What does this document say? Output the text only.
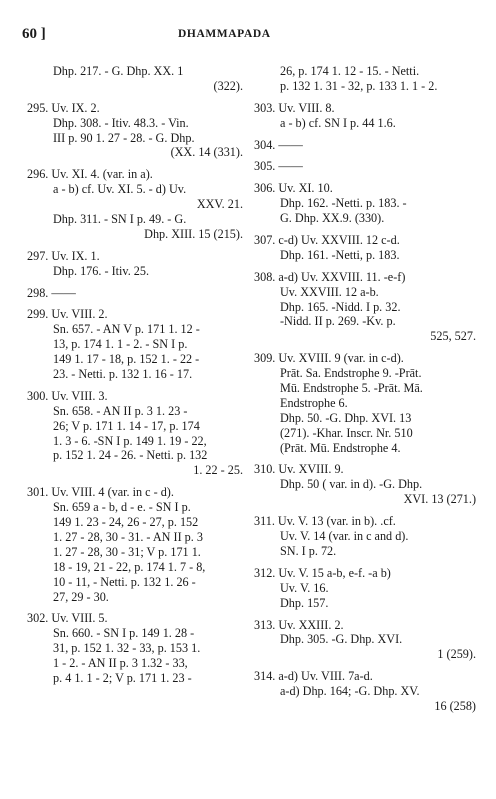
60 ]	DHAMMAPADA
Dhp. 217. - G. Dhp. XX. 1
(322).
295. Uv. IX. 2.
Dhp. 308. - Itiv. 48.3. - Vin.
III p. 90 1. 27 - 28. - G. Dhp.
(XX. 14 (331).
296. Uv. XI. 4. (var. in a).
a - b) cf. Uv. XI. 5. - d) Uv.
XXV. 21.
Dhp. 311. - SN I p. 49. - G.
Dhp. XIII. 15 (215).
297. Uv. IX. 1.
Dhp. 176. - Itiv. 25.
298. ——
299. Uv. VIII. 2.
Sn. 657. - AN V p. 171 1. 12 -
13, p. 174 1. 1 - 2. - SN I p.
149 1. 17 - 18, p. 152 1. - 22 -
23. - Netti. p. 132 1. 16 - 17.
300. Uv. VIII. 3.
Sn. 658. - AN II p. 3 1. 23 -
26; V p. 171 1. 14 - 17, p. 174
1. 3 - 6. -SN I p. 149 1. 19 - 22,
p. 152 1. 24 - 26. - Netti. p. 132
1. 22 - 25.
301. Uv. VIII. 4 (var. in c - d).
Sn. 659 a - b, d - e. - SN I p.
149 1. 23 - 24, 26 - 27, p. 152
1. 27 - 28, 30 - 31. - AN II p. 3
1. 27 - 28, 30 - 31; V p. 171 1.
18 - 19, 21 - 22, p. 174 1. 7 - 8,
10 - 11, - Netti. p. 132 1. 26 -
27, 29 - 30.
302. Uv. VIII. 5.
Sn. 660. - SN I p. 149 1. 28 -
31, p. 152 1. 32 - 33, p. 153 1.
1 - 2. - AN II p. 3 1.32 - 33,
p. 4 1. 1 - 2; V p. 171 1. 23 -
26, p. 174 1. 12 - 15. - Netti.
p. 132 1. 31 - 32, p. 133 1. 1 - 2.
303. Uv. VIII. 8.
a - b) cf. SN I p. 44 1.6.
304. ——
305. ——
306. Uv. XI. 10.
Dhp. 162. -Netti. p. 183. -
G. Dhp. XX.9. (330).
307. c-d) Uv. XXVIII. 12 c-d.
Dhp. 161. -Netti, p. 183.
308. a-d) Uv. XXVIII. 11. -e-f)
Uv. XXVIII. 12 a-b.
Dhp. 165. -Nidd. I p. 32.
-Nidd. II p. 269. -Kv. p.
525, 527.
309. Uv. XVIII. 9 (var. in c-d).
Prāt. Sa. Endstrophe 9. -Prāt.
Mū. Endstrophe 5. -Prāt. Mā.
Endstrophe 6.
Dhp. 50. -G. Dhp. XVI. 13
(271). -Khar. Inscr. Nr. 510
(Prāt. Mū. Endstrophe 4.
310. Uv. XVIII. 9.
Dhp. 50 ( var. in d). -G. Dhp.
XVI. 13 (271.)
311. Uv. V. 13 (var. in b). .cf.
Uv. V. 14 (var. in c and d).
SN. I p. 72.
312. Uv. V. 15 a-b, e-f. -a b)
Uv. V. 16.
Dhp. 157.
313. Uv. XXIII. 2.
Dhp. 305. -G. Dhp. XVI.
1 (259).
314. a-d) Uv. VIII. 7a-d.
a-d) Dhp. 164; -G. Dhp. XV.
16 (258)
